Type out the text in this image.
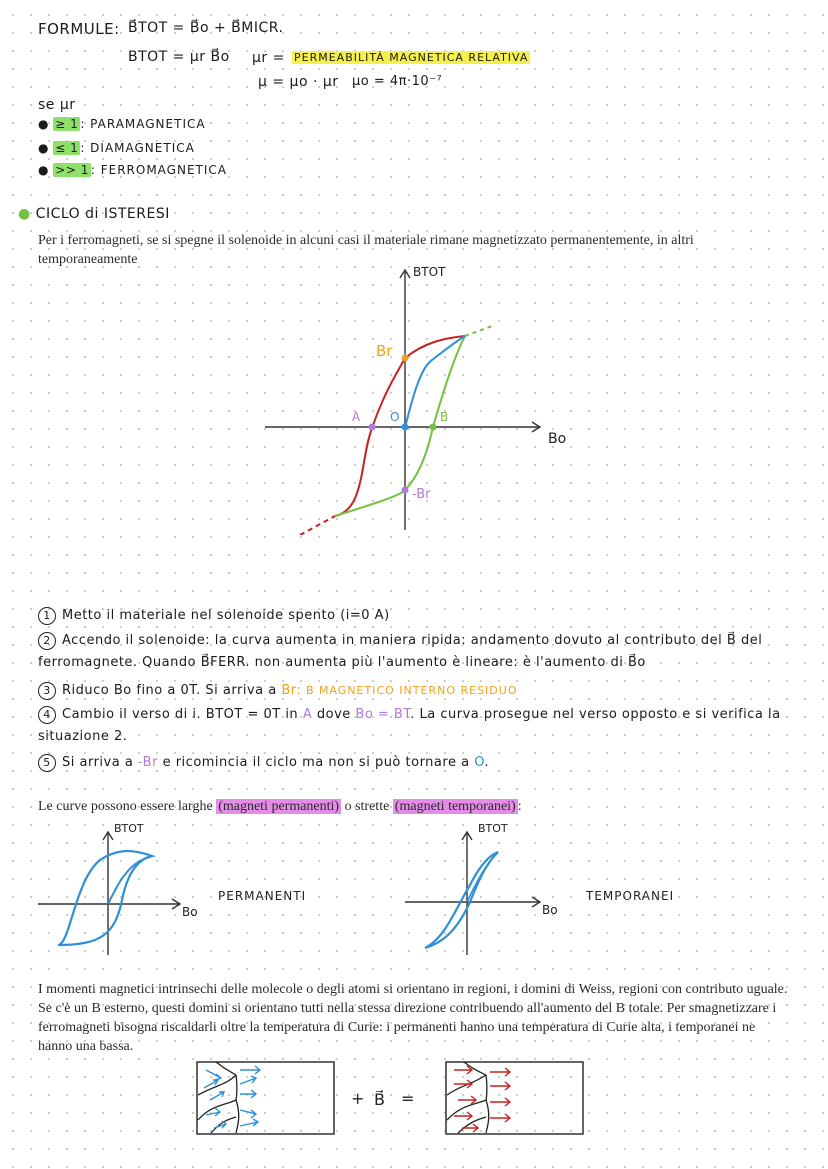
FORMULE: B⃗TOT = B⃗o + B⃗MICR.
BTOT = μr B⃗o μr = PERMEABILITÀ MAGNETICA RELATIVA
μ = μo · μr μo = 4π·10⁻⁷
se μr
● ≥ 1 : PARAMAGNETICA
● ≤ 1 : DIAMAGNETICA
● >> 1 : FERROMAGNETICA
● CICLO di ISTERESI
Per i ferromagneti, se si spegne il solenoide in alcuni casi il materiale rimane magnetizzato permanentemente, in altri temporaneamente
BTOT
Bo
Br
A O	B
-Br
1 Metto il materiale nel solenoide spento (i=0 A)
2 Accendo il solenoide: la curva aumenta in maniera ripida: andamento dovuto al contributo del B⃗ del ferromagnete. Quando B⃗FERR. non aumenta più l'aumento è lineare: è l'aumento di B⃗o
3 Riduco Bo fino a 0T. Si arriva a Br: B MAGNETICO INTERNO RESIDUO
4 Cambio il verso di i. BTOT = 0T in A dove Bo = BT. La curva prosegue nel verso opposto e si verifica la situazione 2.
5 Si arriva a -Br e ricomincia il ciclo ma non si può tornare a O.
Le curve possono essere larghe (magneti permanenti) o strette (magneti temporanei) :
BTOT
Bo
PERMANENTI
BTOT
Bo
TEMPORANEI
I momenti magnetici intrinsechi delle molecole o degli atomi si orientano in regioni, i domini di Weiss, regioni con contributo uguale. Se c'è un B esterno, questi domini si orientano tutti nella stessa direzione contribuendo all'aumento del B totale. Per smagnetizzare i ferromagneti bisogna riscaldarli oltre la temperatura di Curie: i permanenti hanno una temperatura di Curie alta, i temporanei ne hanno una bassa.
+ B⃗ =
